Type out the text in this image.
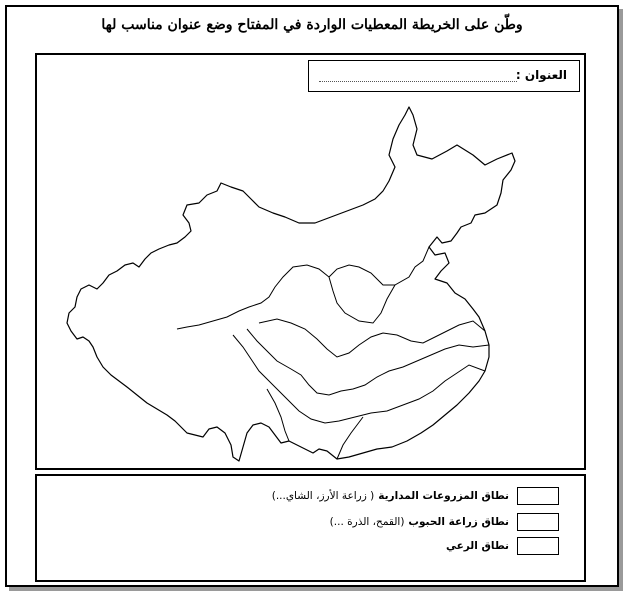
وطّن على الخريطة المعطيات الواردة في المفتاح وضع عنوان مناسب لها
العنوان :
نطاق المزروعات المدارية
( زراعة الأرز، الشاي...)
نطاق زراعة الحبوب
(القمح، الذرة ...)
نطاق الرعي
